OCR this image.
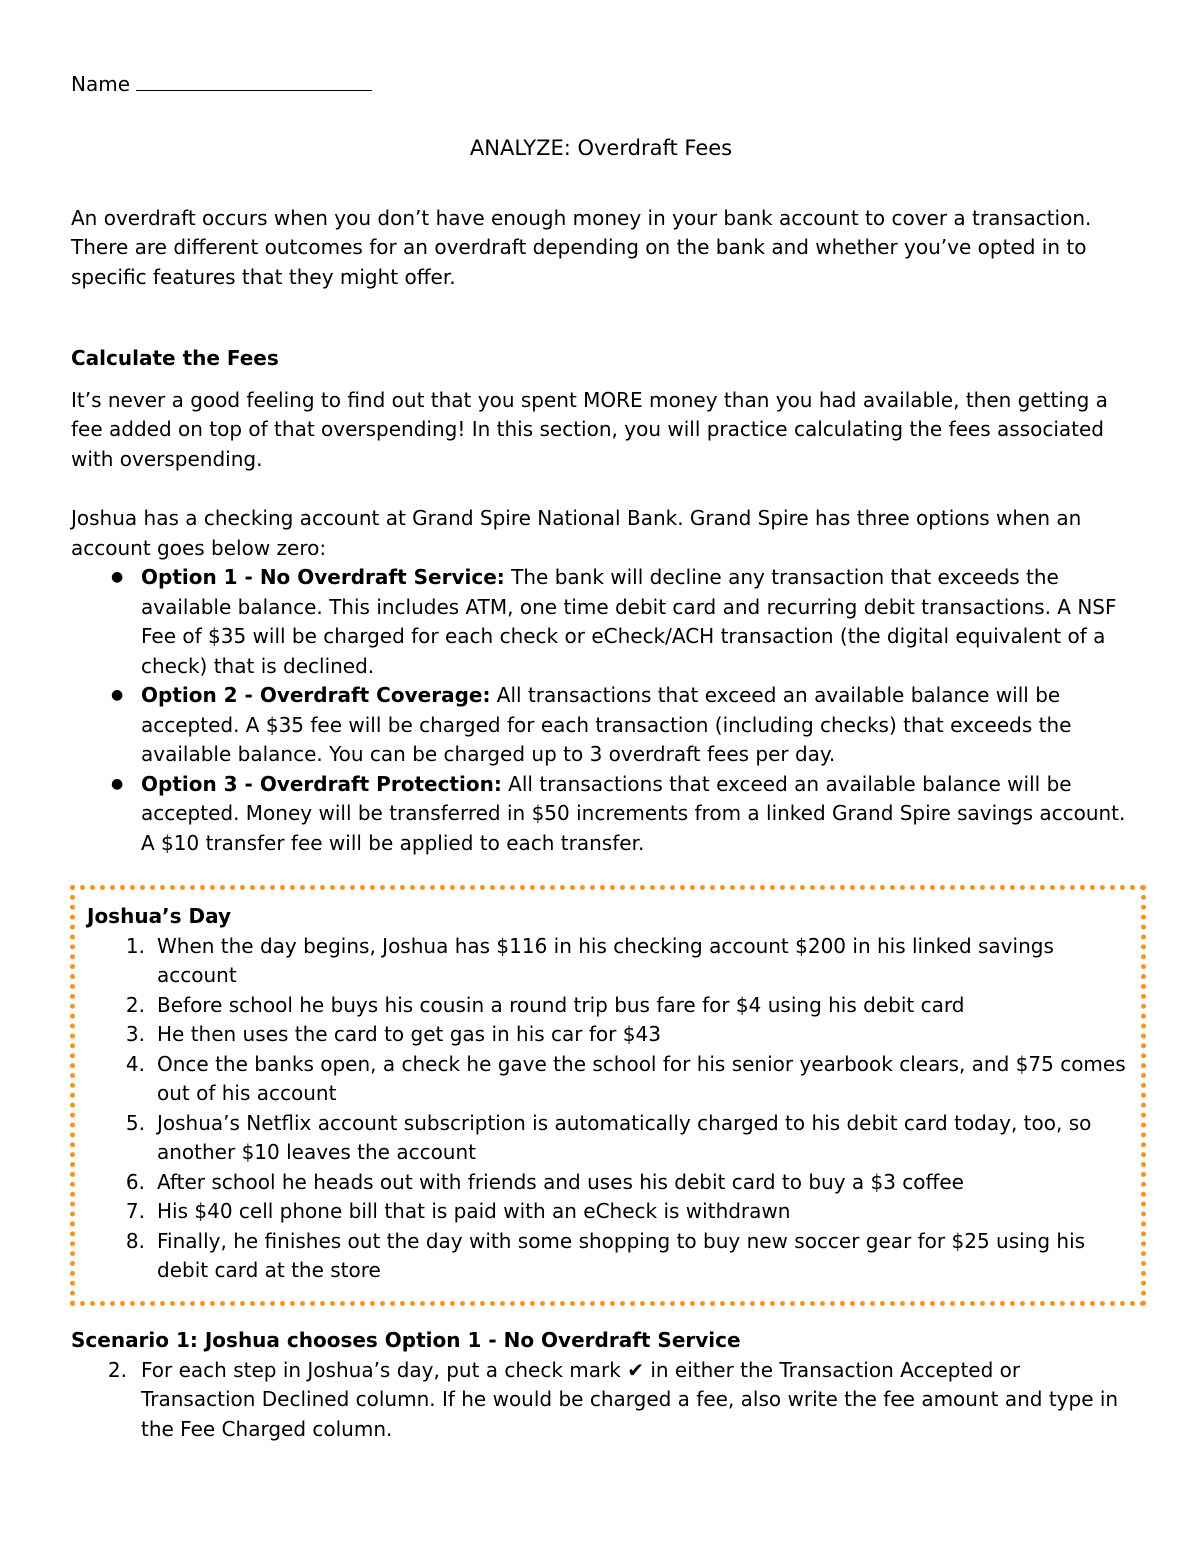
Name
ANALYZE: Overdraft Fees

An overdraft occurs when you don’t have enough money in your bank account to cover a transaction. There are different outcomes for an overdraft depending on the bank and whether you’ve opted in to specific features that they might offer.

Calculate the Fees

It’s never a good feeling to find out that you spent MORE money than you had available, then getting a fee added on top of that overspending! In this section, you will practice calculating the fees associated with overspending.

Joshua has a checking account at Grand Spire National Bank. Grand Spire has three options when an account goes below zero:

● Option 1 - No Overdraft Service: The bank will decline any transaction that exceeds the available balance. This includes ATM, one time debit card and recurring debit transactions. A NSF Fee of $35 will be charged for each check or eCheck/ACH transaction (the digital equivalent of a check) that is declined.
● Option 2 - Overdraft Coverage: All transactions that exceed an available balance will be accepted. A $35 fee will be charged for each transaction (including checks) that exceeds the available balance. You can be charged up to 3 overdraft fees per day.
● Option 3 - Overdraft Protection: All transactions that exceed an available balance will be accepted. Money will be transferred in $50 increments from a linked Grand Spire savings account. A $10 transfer fee will be applied to each transfer.
Joshua’s Day
1. When the day begins, Joshua has $116 in his checking account $200 in his linked savings account
2. Before school he buys his cousin a round trip bus fare for $4 using his debit card
3. He then uses the card to get gas in his car for $43
4. Once the banks open, a check he gave the school for his senior yearbook clears, and $75 comes out of his account
5. Joshua’s Netflix account subscription is automatically charged to his debit card today, too, so another $10 leaves the account
6. After school he heads out with friends and uses his debit card to buy a $3 coffee
7. His $40 cell phone bill that is paid with an eCheck is withdrawn
8. Finally, he finishes out the day with some shopping to buy new soccer gear for $25 using his debit card at the store
Scenario 1: Joshua chooses Option 1 - No Overdraft Service
2. For each step in Joshua’s day, put a check mark ✔ in either the Transaction Accepted or Transaction Declined column. If he would be charged a fee, also write the fee amount and type in the Fee Charged column.
